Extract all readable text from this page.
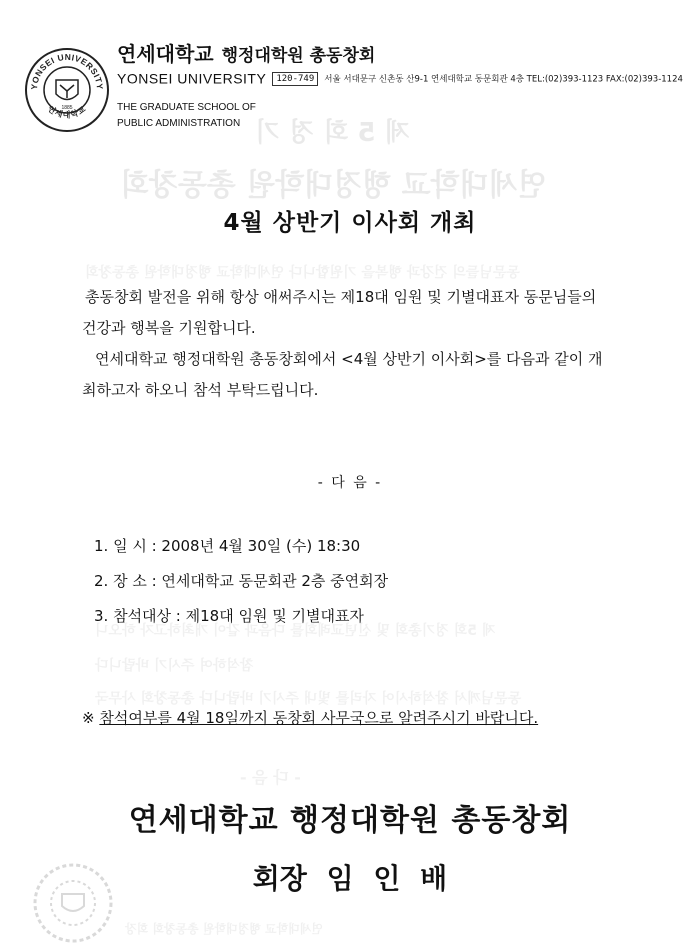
제 5 회 정 기
연세대학교 행정대학원 총동창회
동문님들의 건강과 행복을 기원합니다 연세대학교 행정대학원 총동창회
제 5회 정기총회 및 신년교례회를 다음과 같이 개최하고자 하오니
참석하여 주시기 바랍니다
동문님께서 참석하시어 자리를 빛내 주시기 바랍니다 총동창회 사무국
- 다 음 -
연세대학교 행정대학원 총동창회 회장
YONSEI UNIVERSITY
연세대학교
1885
연세대학교 행정대학원 총동창회
YONSEI UNIVERSITY 120-749 서울 서대문구 신촌동 산9-1 연세대학교 동문회관 4층 TEL:(02)393-1123 FAX:(02)393-1124
THE GRADUATE SCHOOL OF
PUBLIC ADMINISTRATION
4월 상반기 이사회 개최
총동창회 발전을 위해 항상 애써주시는 제18대 임원 및 기별대표자 동문님들의
건강과 행복을 기원합니다.
연세대학교 행정대학원 총동창회에서 <4월 상반기 이사회>를 다음과 같이 개
최하고자 하오니 참석 부탁드립니다.
- 다 음 -
1. 일 시 : 2008년 4월 30일 (수) 18:30
2. 장 소 : 연세대학교 동문회관 2층 중연회장
3. 참석대상 : 제18대 임원 및 기별대표자
※ 참석여부를 4월 18일까지 동창회 사무국으로 알려주시기 바랍니다.
연세대학교 행정대학원 총동창회
회장 임 인 배
